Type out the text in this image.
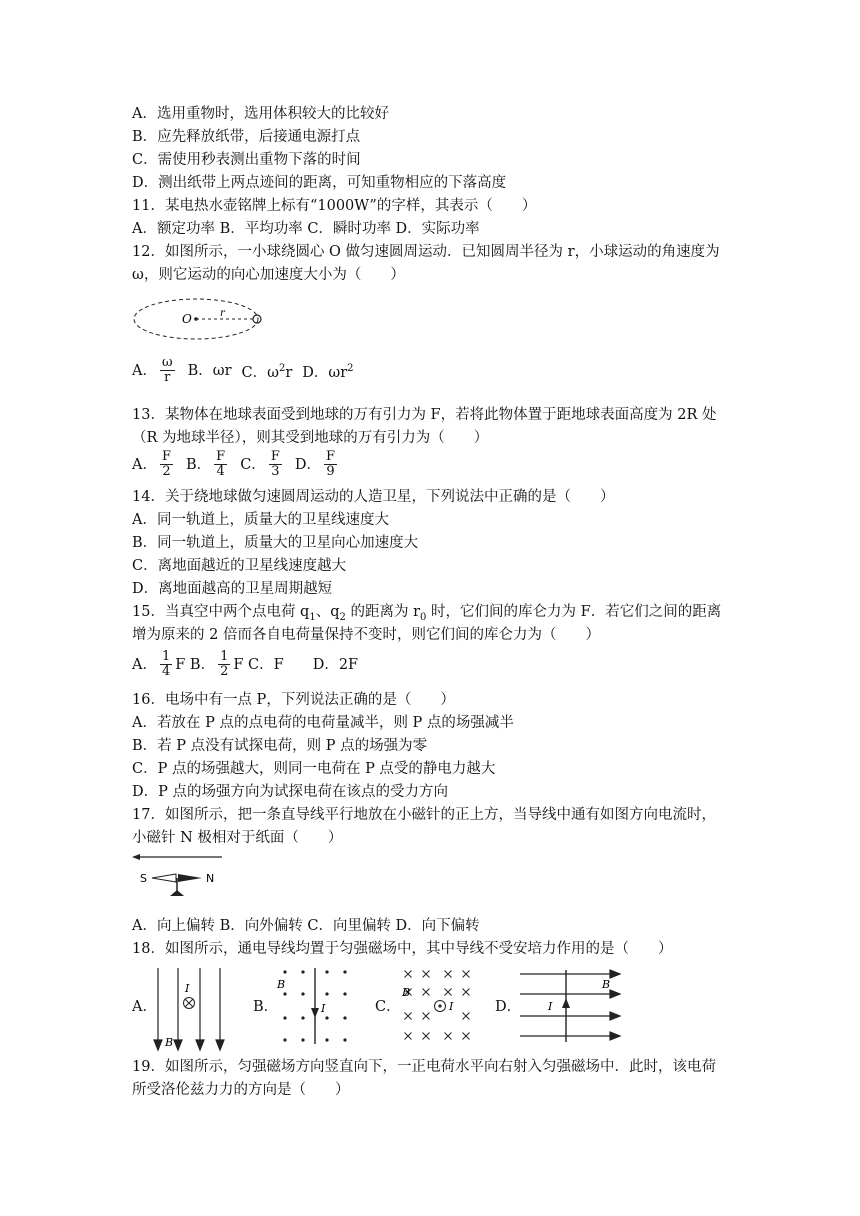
A．选用重物时，选用体积较大的比较好
B．应先释放纸带，后接通电源打点
C．需使用秒表测出重物下落的时间
D．测出纸带上两点迹间的距离，可知重物相应的下落高度
11．某电热水壶铭牌上标有“1000W”的字样，其表示（　　）
A．额定功率 B．平均功率 C．瞬时功率 D．实际功率
12．如图所示，一小球绕圆心 O 做匀速圆周运动．已知圆周半径为 r，小球运动的角速度为
ω，则它运动的向心加速度大小为（　　）
O	r
A． $\frac{\omega}{r}$ B．ωr C．$\omega^2r$ D．$\omega r^2$
13．某物体在地球表面受到地球的万有引力为 F，若将此物体置于距地球表面高度为 2R 处
（R 为地球半径），则其受到地球的万有引力为（　　）
A． $\frac{F}{2}$ B． $\frac{F}{4}$ C． $\frac{F}{3}$ D． $\frac{F}{9}$
14．关于绕地球做匀速圆周运动的人造卫星，下列说法中正确的是（　　）
A．同一轨道上，质量大的卫星线速度大
B．同一轨道上，质量大的卫星向心加速度大
C．离地面越近的卫星线速度越大
D．离地面越高的卫星周期越短
15．当真空中两个点电荷 $q_1$、$q_2$ 的距离为 $r_0$ 时，它们间的库仑力为 F．若它们之间的距离
增为原来的 2 倍而各自电荷量保持不变时，则它们间的库仑力为（　　）
A． $\frac{1}{4}$ F B． $\frac{1}{2}$ F C．F　　D．2F
16．电场中有一点 P，下列说法正确的是（　　）
A．若放在 P 点的点电荷的电荷量减半，则 P 点的场强减半
B．若 P 点没有试探电荷，则 P 点的场强为零
C．P 点的场强越大，则同一电荷在 P 点受的静电力越大
D．P 点的场强方向为试探电荷在该点的受力方向
17．如图所示，把一条直导线平行地放在小磁针的正上方，当导线中通有如图方向电流时，
小磁针 N 极相对于纸面（　　）
S	N
A．向上偏转 B．向外偏转 C．向里偏转 D．向下偏转
18．如图所示，通电导线均置于匀强磁场中，其中导线不受安培力作用的是（　　）
A．
I
B
B．
B
I	C．
B
I	D．
B
I
19．如图所示，匀强磁场方向竖直向下，一正电荷水平向右射入匀强磁场中．此时，该电荷
所受洛伦兹力力的方向是（　　）
